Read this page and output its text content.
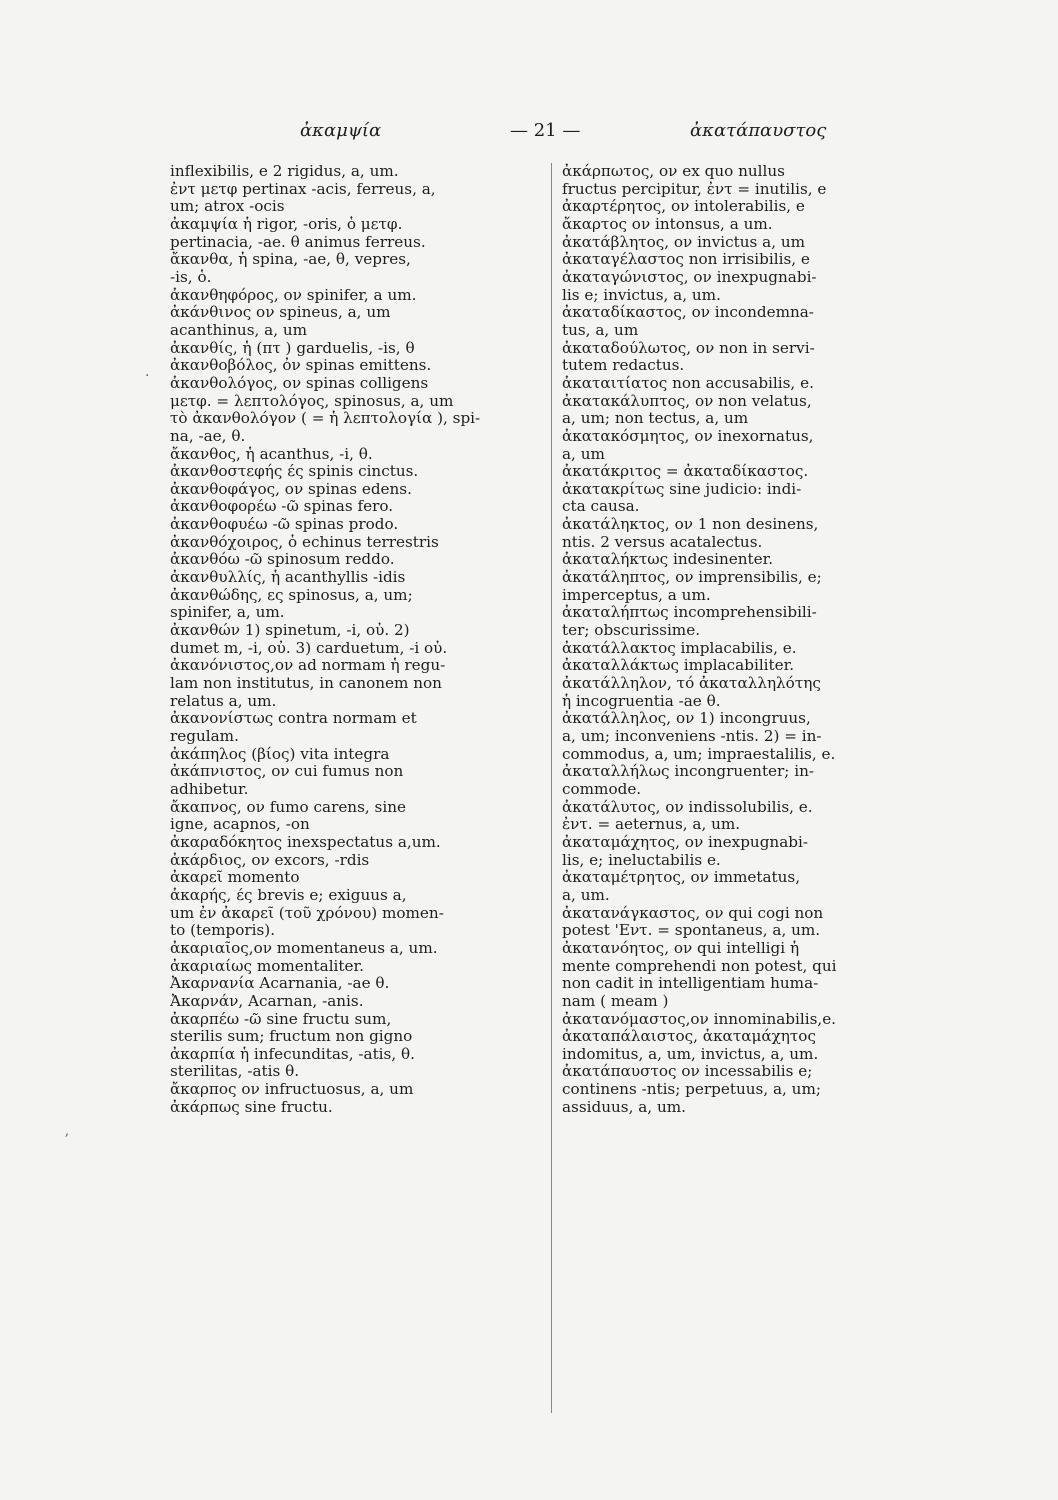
ἀκαμψία	— 21 —	ἀκατάπαυστος
inflexibilis, e 2 rigidus, a, um.
ἐντ μετφ pertinax -acis, ferreus, a,
um; atrox -ocis
ἀκαμψία ἡ rigor, -oris, ὁ μετφ.
pertinacia, -ae. θ animus ferreus.
ἄκανθα, ἡ spina, -ae, θ, vepres,
-is, ὁ.
ἀκανθηφόρος, ον spinifer, a um.
ἀκάνθινος ον spineus, a, um
acanthinus, a, um
ἀκανθίς, ἡ (πτ ) garduelis, -is, θ
ἀκανθοβόλος, ὀν spinas emittens.
ἀκανθολόγος, ον spinas colligens
μετφ. = λεπτολόγος, spinosus, a, um
τὸ ἀκανθολόγον ( = ἡ λεπτολογία ), spi-
na, -ae, θ.
ἄκανθος, ἡ acanthus, -i, θ.
ἀκανθοστεφής ές spinis cinctus.
ἀκανθοφάγος, ον spinas edens.
ἀκανθοφορέω -ῶ spinas fero.
ἀκανθοφυέω -ῶ spinas prodo.
ἀκανθόχοιρος, ὁ echinus terrestris
ἀκανθόω -ῶ spinosum reddo.
ἀκανθυλλίς, ἡ acanthyllis -idis
ἀκανθώδης, ες spinosus, a, um;
spinifer, a, um.
ἀκανθών 1) spinetum, -i, οὐ. 2)
dumet m, -i, οὐ. 3) carduetum, -i οὐ.
ἀκανόνιστος,ον ad normam ἡ regu-
lam non institutus, in canonem non
relatus a, um.
ἀκανονίστως contra normam et
regulam.
ἀκάπηλος (βίος) vita integra
ἀκάπνιστος, ον cui fumus non
adhibetur.
ἄκαπνος, ον fumo carens, sine
igne, acapnos, -on
ἀκαραδόκητος inexspectatus a,um.
ἀκάρδιος, ον excors, -rdis
ἀκαρεῖ momento
ἀκαρής, ές brevis e; exiguus a,
um ἐν ἀκαρεῖ (τοῦ χρόνου) momen-
to (temporis).
ἀκαριαῖος,ον momentaneus a, um.
ἀκαριαίως momentaliter.
Ἀκαρνανία Acarnania, -ae θ.
Ἀκαρνάν, Acarnan, -anis.
ἀκαρπέω -ῶ sine fructu sum,
sterilis sum; fructum non gigno
ἀκαρπία ἡ infecunditas, -atis, θ.
sterilitas, -atis θ.
ἄκαρπος ον infructuosus, a, um
ἀκάρπως sine fructu.
ἀκάρπωτος, ον ex quo nullus
fructus percipitur, ἐντ = inutilis, e
ἀκαρτέρητος, ον intolerabilis, e
ἄκαρτος ον intonsus, a um.
ἀκατάβλητος, ον invictus a, um
ἀκαταγέλαστος non irrisibilis, e
ἀκαταγώνιστος, ον inexpugnabi-
lis e; invictus, a, um.
ἀκαταδίκαστος, ον incondemna-
tus, a, um
ἀκαταδούλωτος, ον non in servi-
tutem redactus.
ἀκαταιτίατος non accusabilis, e.
ἀκατακάλυπτος, ον non velatus,
a, um; non tectus, a, um
ἀκατακόσμητος, ον inexornatus,
a, um
ἀκατάκριτος = ἀκαταδίκαστος.
ἀκατακρίτως sine judicio: indi-
cta causa.
ἀκατάληκτος, ον 1 non desinens,
ntis. 2 versus acatalectus.
ἀκαταλήκτως indesinenter.
ἀκατάληπτος, ον imprensibilis, e;
imperceptus, a um.
ἀκαταλήπτως incomprehensibili-
ter; obscurissime.
ἀκατάλλακτος implacabilis, e.
ἀκαταλλάκτως implacabiliter.
ἀκατάλληλον, τό ἀκαταλληλότης
ἡ incogruentia -ae θ.
ἀκατάλληλος, ον 1) incongruus,
a, um; inconveniens -ntis. 2) = in-
commodus, a, um; impraestalilis, e.
ἀκαταλλήλως incongruenter; in-
commode.
ἀκατάλυτος, ον indissolubilis, e.
ἐντ. = aeternus, a, um.
ἀκαταμάχητος, ον inexpugnabi-
lis, e; ineluctabilis e.
ἀκαταμέτρητος, ον immetatus,
a, um.
ἀκατανάγκαστος, ον qui cogi non
potest 'Εντ. = spontaneus, a, um.
ἀκατανόητος, ον qui intelligi ἡ
mente comprehendi non potest, qui
non cadit in intelligentiam huma-
nam ( meam )
ἀκατανόμαστος,ον innominabilis,e.
ἀκαταπάλαιστος, ἀκαταμάχητος
indomitus, a, um, invictus, a, um.
ἀκατάπαυστος ον incessabilis e;
continens -ntis; perpetuus, a, um;
assiduus, a, um.
·
ʼ
